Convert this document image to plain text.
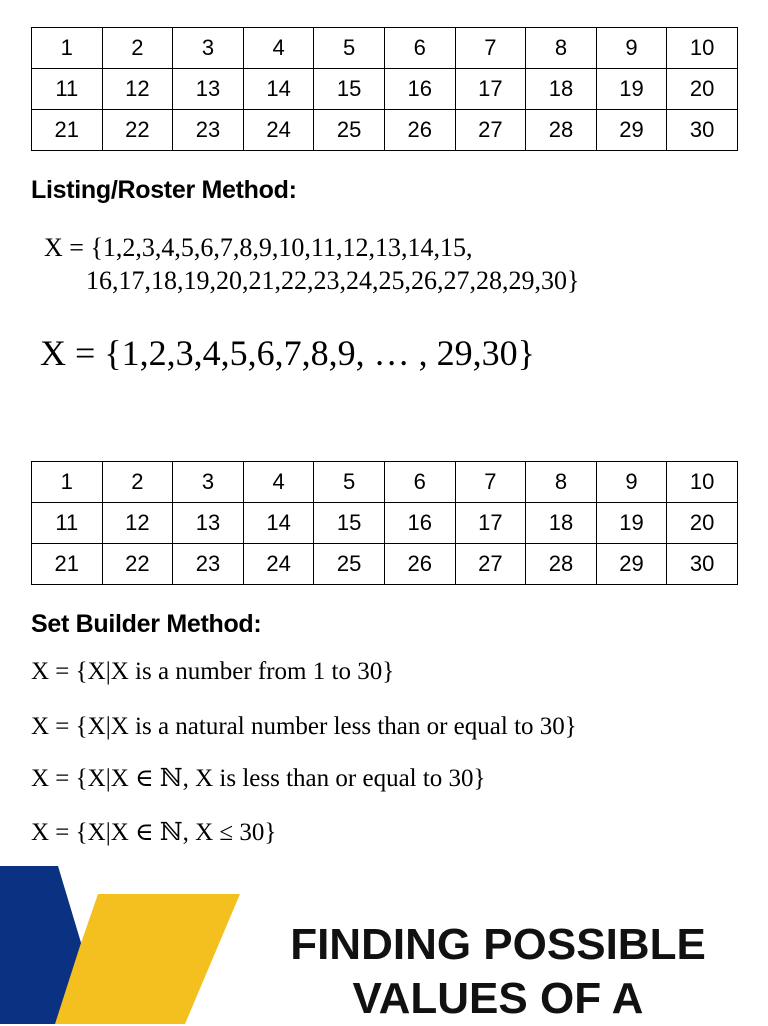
1	2	3	4	5	6	7	8	9	10
11	12	13	14	15	16	17	18	19	20
21	22	23	24	25	26	27	28	29	30
Listing/Roster Method:
X = {1,2,3,4,5,6,7,8,9,10,11,12,13,14,15,
16,17,18,19,20,21,22,23,24,25,26,27,28,29,30}
X = {1,2,3,4,5,6,7,8,9, … , 29,30}
1	2	3	4	5	6	7	8	9	10
11	12	13	14	15	16	17	18	19	20
21	22	23	24	25	26	27	28	29	30
Set Builder Method:
X = {X|X is a number from 1 to 30}
X = {X|X is a natural number less than or equal to 30}
X = {X|X ∈ ℕ, X is less than or equal to 30}
X = {X|X ∈ ℕ, X ≤ 30}
FINDING POSSIBLE
VALUES OF A
